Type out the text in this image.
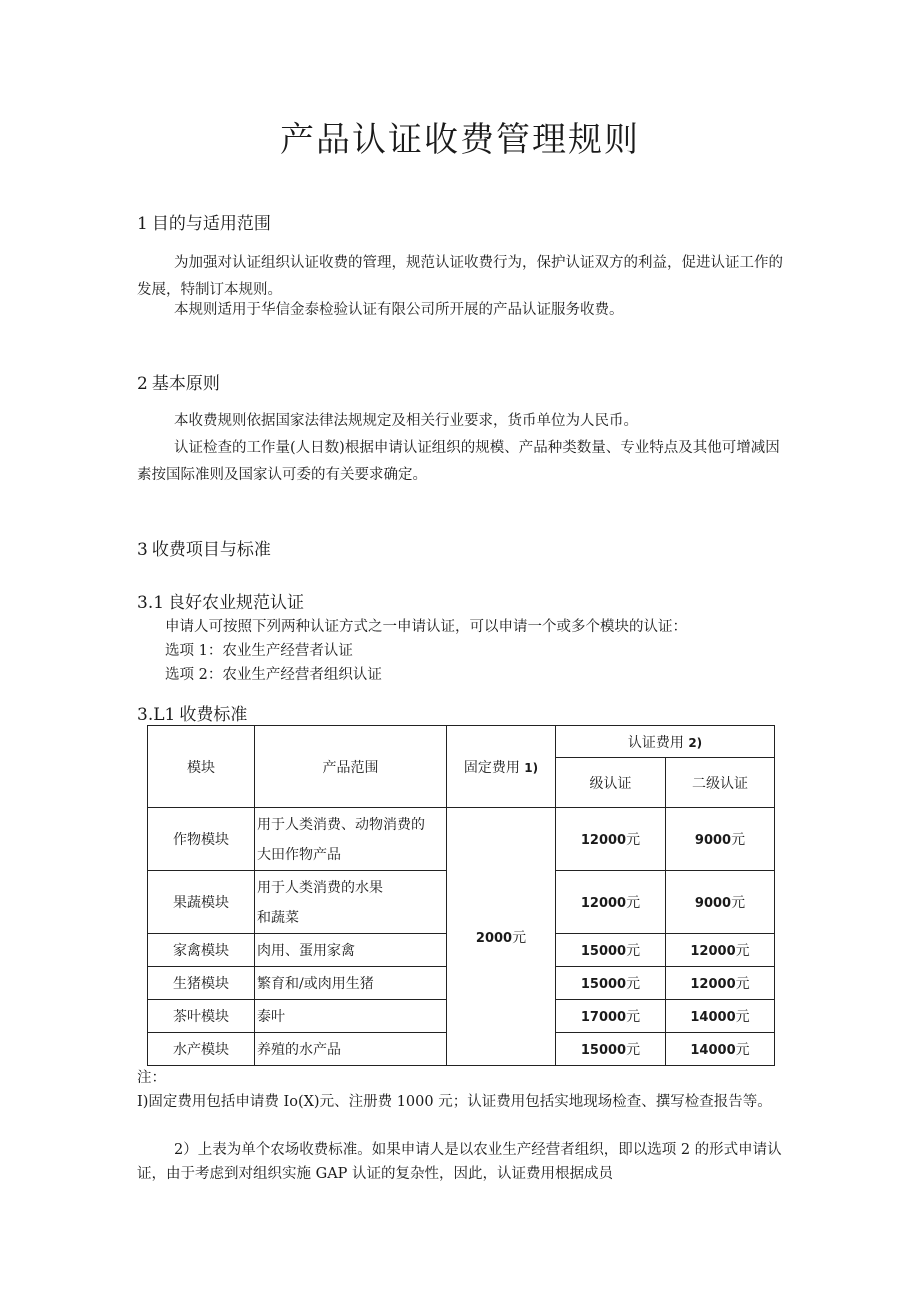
产品认证收费管理规则
1 目的与适用范围

为加强对认证组织认证收费的管理，规范认证收费行为，保护认证双方的利益，促进认证工作的发展，特制订本规则。

本规则适用于华信金泰检验认证有限公司所开展的产品认证服务收费。

2 基本原则

本收费规则依据国家法律法规规定及相关行业要求，货币单位为人民币。

认证检查的工作量(人日数)根据申请认证组织的规模、产品种类数量、专业特点及其他可增减因素按国际准则及国家认可委的有关要求确定。

3 收费项目与标准
3.1 良好农业规范认证

申请人可按照下列两种认证方式之一申请认证，可以申请一个或多个模块的认证：

选项 1：农业生产经营者认证

选项 2：农业生产经营者组织认证

3.L1 收费标准
模块	产品范围	固定费用 1)	认证费用 2)	
			级认证	二级认证
作物模块	用于人类消费、动物消费的
大田作物产品	2000元	12000元	9000元
果蔬模块	用于人类消费的水果
和蔬菜		12000元	9000元
家禽模块	肉用、蛋用家禽		15000元	12000元
生猪模块	繁育和/或肉用生猪		15000元	12000元
茶叶模块	泰叶		17000元	14000元
水产模块	养殖的水产品		15000元	14000元

注：

I)固定费用包括申请费 Io(X)元、注册费 1000 元；认证费用包括实地现场检查、撰写检查报告等。

2）上表为单个农场收费标准。如果申请人是以农业生产经营者组织，即以选项 2 的形式申请认证，由于考虑到对组织实施 GAP 认证的复杂性，因此，认证费用根据成员
